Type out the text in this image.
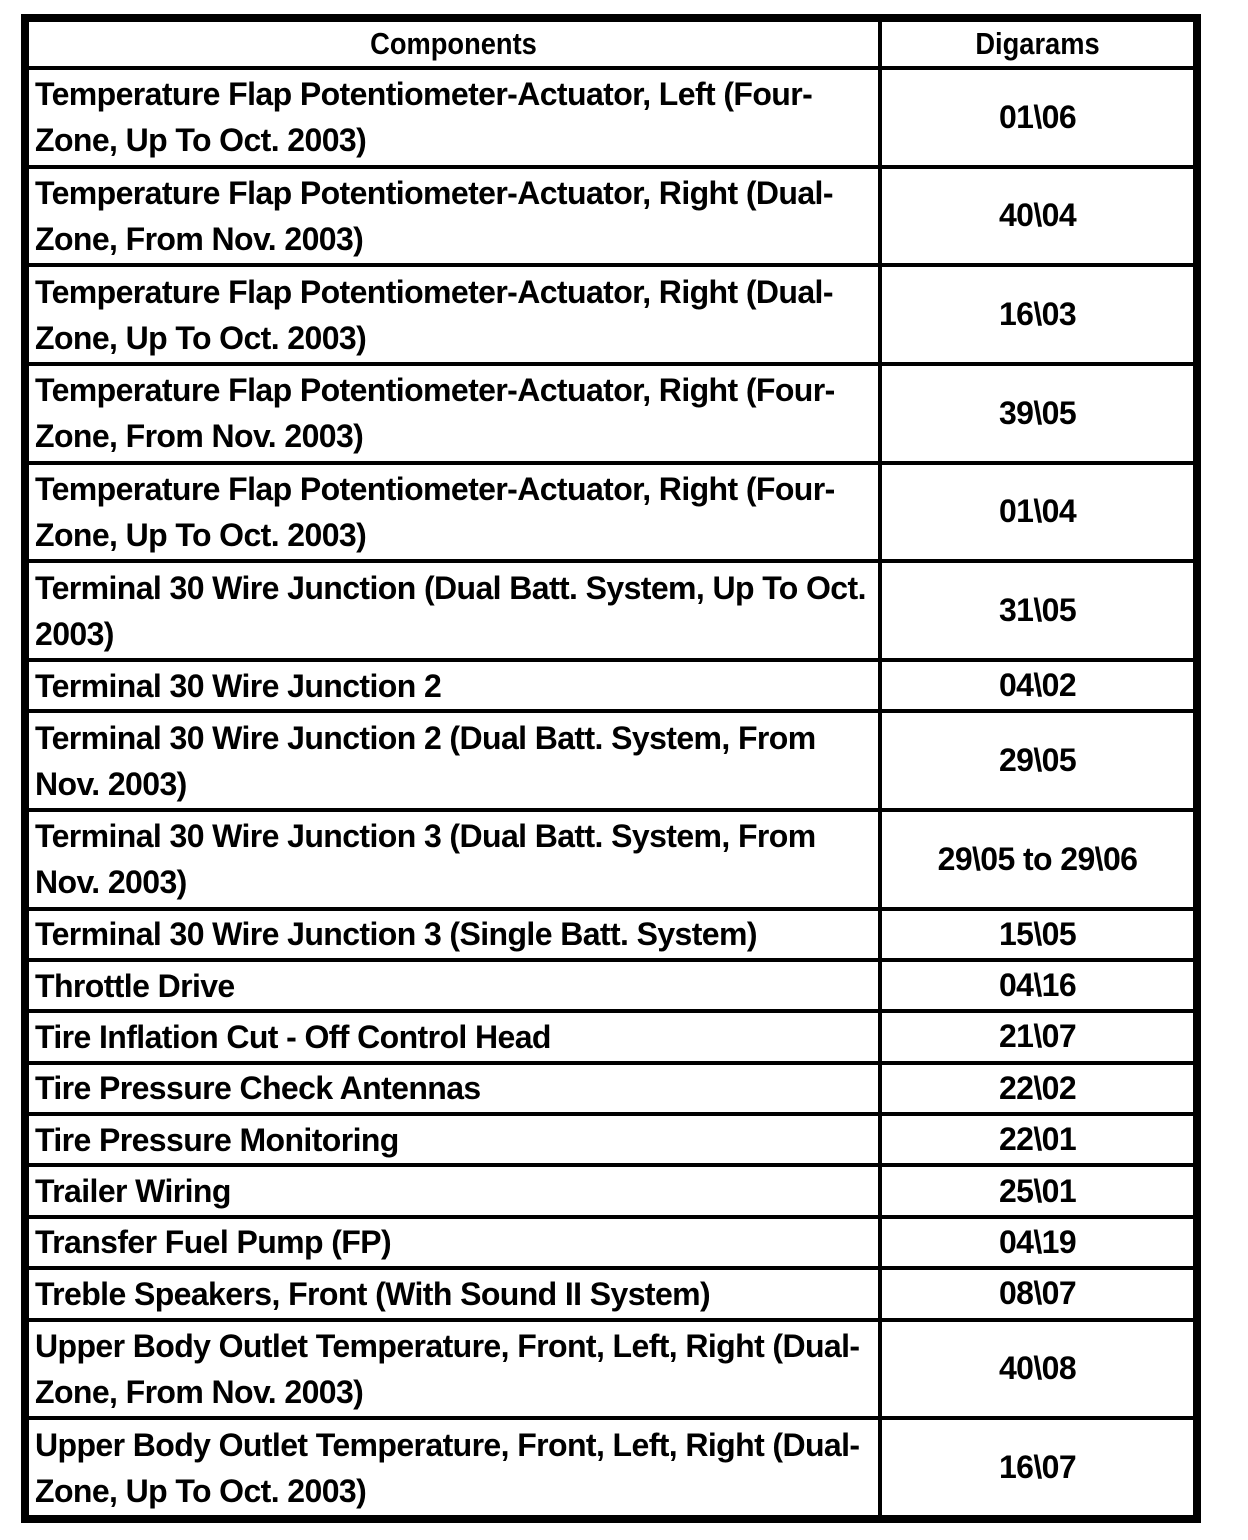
Components	Digarams
Temperature Flap Potentiometer-Actuator, Left (Four-Zone, Up To Oct. 2003)	01\06
Temperature Flap Potentiometer-Actuator, Right (Dual-Zone, From Nov. 2003)	40\04
Temperature Flap Potentiometer-Actuator, Right (Dual-Zone, Up To Oct. 2003)	16\03
Temperature Flap Potentiometer-Actuator, Right (Four-Zone, From Nov. 2003)	39\05
Temperature Flap Potentiometer-Actuator, Right (Four-Zone, Up To Oct. 2003)	01\04
Terminal 30 Wire Junction (Dual Batt. System, Up To Oct. 2003)	31\05
Terminal 30 Wire Junction 2	04\02
Terminal 30 Wire Junction 2 (Dual Batt. System, From Nov. 2003)	29\05
Terminal 30 Wire Junction 3 (Dual Batt. System, From Nov. 2003)	29\05 to 29\06
Terminal 30 Wire Junction 3 (Single Batt. System)	15\05
Throttle Drive	04\16
Tire Inflation Cut - Off Control Head	21\07
Tire Pressure Check Antennas	22\02
Tire Pressure Monitoring	22\01
Trailer Wiring	25\01
Transfer Fuel Pump (FP)	04\19
Treble Speakers, Front (With Sound II System)	08\07
Upper Body Outlet Temperature, Front, Left, Right (Dual-Zone, From Nov. 2003)	40\08
Upper Body Outlet Temperature, Front, Left, Right (Dual-Zone, Up To Oct. 2003)	16\07
